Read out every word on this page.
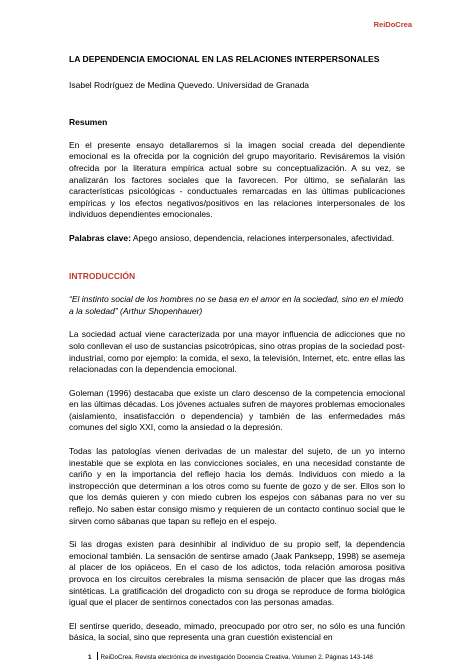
ReiDoCrea
LA DEPENDENCIA EMOCIONAL EN LAS RELACIONES INTERPERSONALES
Isabel Rodríguez de Medina Quevedo. Universidad de Granada
Resumen

En el presente ensayo detallaremos si la imagen social creada del dependiente emocional es la ofrecida por la cognición del grupo mayoritario. Revisáremos la visión ofrecida por la literatura empírica actual sobre su conceptualización. A su vez, se analizarán los factores sociales que la favorecen. Por último, se señalarán las características psicológicas - conductuales remarcadas en las últimas publicaciones empíricas y los efectos negativos/positivos en las relaciones interpersonales de los individuos dependientes emocionales.

Palabras clave: Apego ansioso, dependencia, relaciones interpersonales, afectividad.
INTRODUCCIÓN
“El instinto social de los hombres no se basa en el amor en la sociedad, sino en el miedo a la soledad” (Arthur Shopenhauer)

La sociedad actual viene caracterizada por una mayor influencia de adicciones que no solo conllevan el uso de sustancias psicotrópicas, sino otras propias de la sociedad post-industrial, como por ejemplo: la comida, el sexo, la televisión, Internet, etc. entre ellas las relacionadas con la dependencia emocional.

Goleman (1996) destacaba que existe un claro descenso de la competencia emocional en las últimas décadas. Los jóvenes actuales sufren de mayores problemas emocionales (aislamiento, insatisfacción o dependencia) y también de las enfermedades más comunes del siglo XXI, como la ansiedad o la depresión.

Todas las patologías vienen derivadas de un malestar del sujeto, de un yo interno inestable que se explota en las convicciones sociales, en una necesidad constante de cariño y en la importancia del reflejo hacia los demás. Individuos con miedo a la instropección que determinan a los otros como su fuente de gozo y de ser. Ellos son lo que los demás quieren y con miedo cubren los espejos con sábanas para no ver su reflejo. No saben estar consigo mismo y requieren de un contacto continuo social que le sirven como sábanas que tapan su reflejo en el espejo.

Si las drogas existen para desinhibir al individuo de su propio self, la dependencia emocional también. La sensación de sentirse amado (Jaak Panksepp, 1998) se asemeja al placer de los opiáceos. En el caso de los adictos, toda relación amorosa positiva provoca en los circuitos cerebrales la misma sensación de placer que las drogas más sintéticas. La gratificación del drogadicto con su droga se reproduce de forma biológica igual que el placer de sentirnos conectados con las personas amadas.

El sentirse querido, deseado, mimado, preocupado por otro ser, no sólo es una función básica, la social, sino que representa una gran cuestión existencial en

1 ReiDoCrea. Revista electrónica de investigación Docencia Creativa. Volumen 2. Páginas 143-148
